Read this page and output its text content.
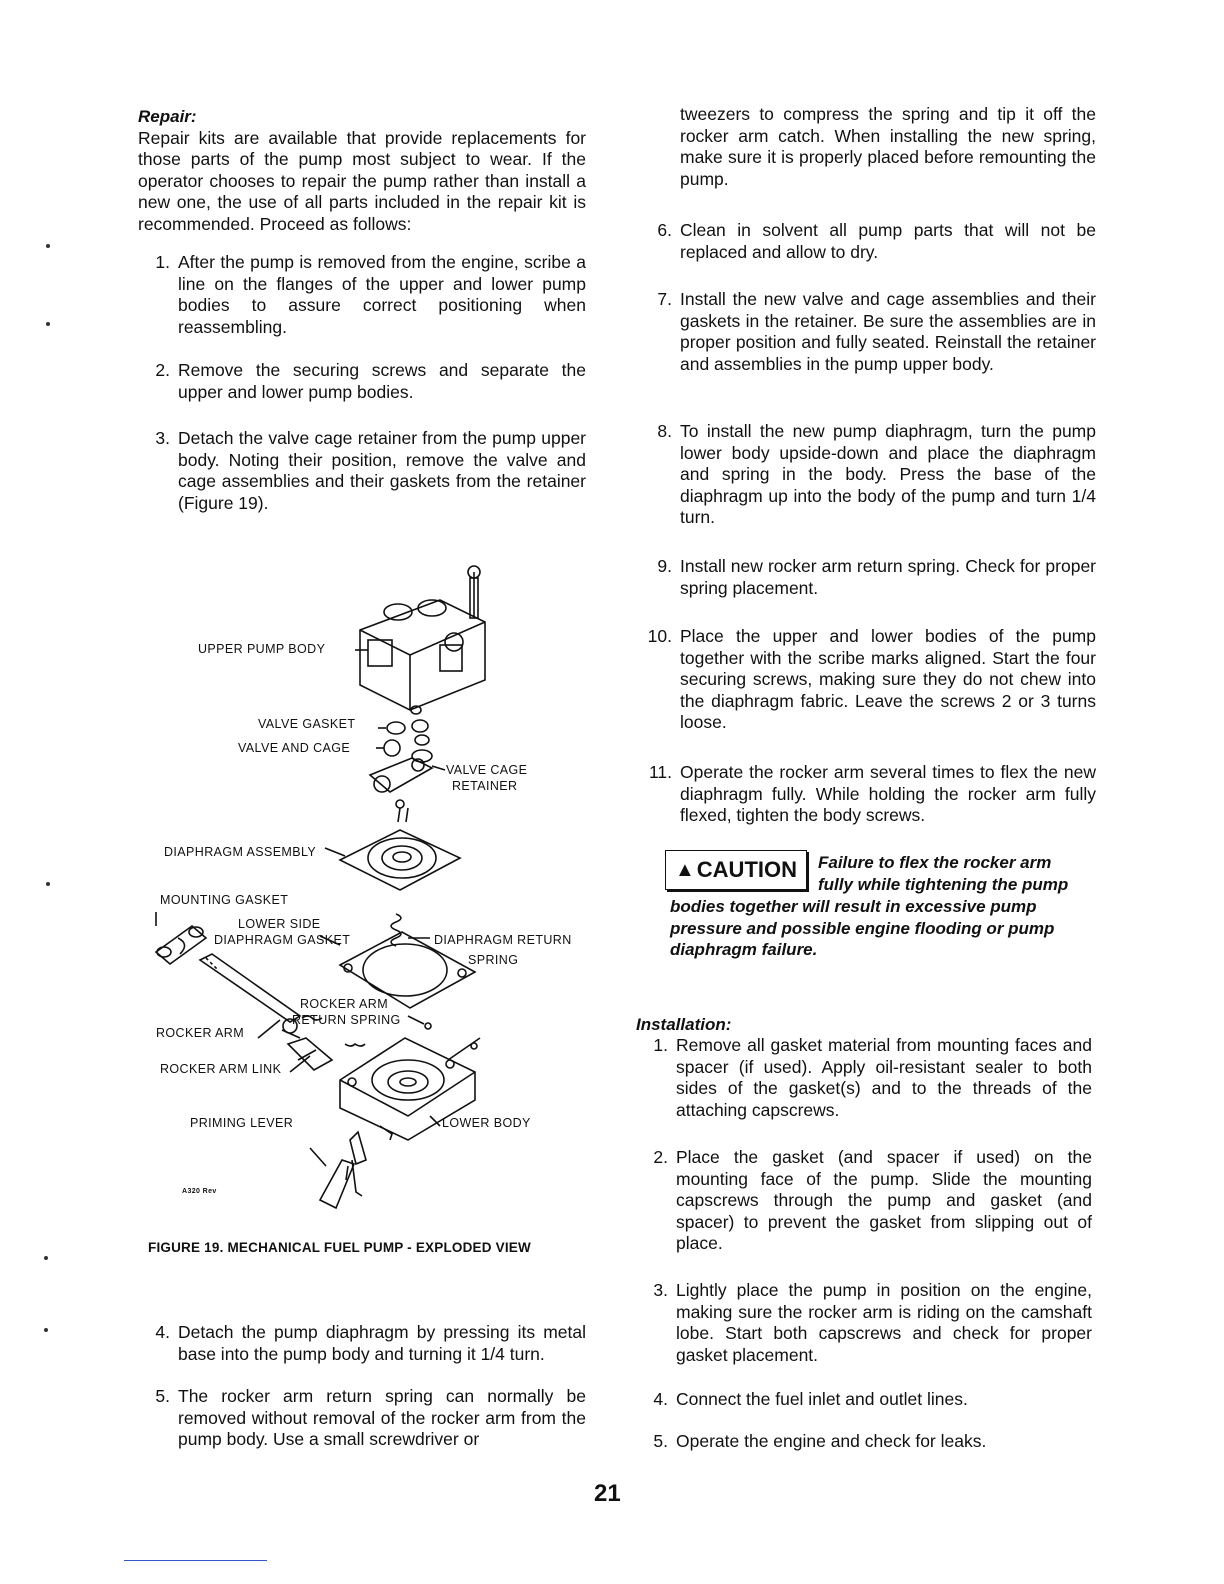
Repair:

Repair kits are available that provide replacements for those parts of the pump most subject to wear. If the operator chooses to repair the pump rather than install a new one, the use of all parts included in the repair kit is recommended. Proceed as follows:

1. After the pump is removed from the engine, scribe a line on the flanges of the upper and lower pump bodies to assure correct positioning when reassembling.
2. Remove the securing screws and separate the upper and lower pump bodies.
3. Detach the valve cage retainer from the pump upper body. Noting their position, remove the valve and cage assemblies and their gaskets from the retainer (Figure 19).
UPPER PUMP BODY
VALVE GASKET
VALVE AND CAGE
VALVE CAGE
RETAINER
DIAPHRAGM ASSEMBLY
MOUNTING GASKET
LOWER SIDE
DIAPHRAGM GASKET	DIAPHRAGM RETURN
SPRING
ROCKER ARM
RETURN SPRING
ROCKER ARM
ROCKER ARM LINK
PRIMING LEVER	LOWER BODY
A320 Rev
FIGURE 19. MECHANICAL FUEL PUMP - EXPLODED VIEW
4. Detach the pump diaphragm by pressing its metal base into the pump body and turning it 1/4 turn.
5. The rocker arm return spring can normally be removed without removal of the rocker arm from the pump body. Use a small screwdriver or
tweezers to compress the spring and tip it off the rocker arm catch. When installing the new spring, make sure it is properly placed before remounting the pump.
6. Clean in solvent all pump parts that will not be replaced and allow to dry.
7. Install the new valve and cage assemblies and their gaskets in the retainer. Be sure the assemblies are in proper position and fully seated. Reinstall the retainer and assemblies in the pump upper body.
8. To install the new pump diaphragm, turn the pump lower body upside-down and place the diaphragm and spring in the body. Press the base of the diaphragm up into the body of the pump and turn 1/4 turn.
9. Install new rocker arm return spring. Check for proper spring placement.
10. Place the upper and lower bodies of the pump together with the scribe marks aligned. Start the four securing screws, making sure they do not chew into the diaphragm fabric. Leave the screws 2 or 3 turns loose.
11. Operate the rocker arm several times to flex the new diaphragm fully. While holding the rocker arm fully flexed, tighten the body screws.
▲ CAUTION Failure to flex the rocker arm
fully while tightening the pump
bodies together will result in excessive pump pressure and possible engine flooding or pump diaphragm failure.
Installation:
1. Remove all gasket material from mounting faces and spacer (if used). Apply oil-resistant sealer to both sides of the gasket(s) and to the threads of the attaching capscrews.
2. Place the gasket (and spacer if used) on the mounting face of the pump. Slide the mounting capscrews through the pump and gasket (and spacer) to prevent the gasket from slipping out of place.
3. Lightly place the pump in position on the engine, making sure the rocker arm is riding on the camshaft lobe. Start both capscrews and check for proper gasket placement.
4. Connect the fuel inlet and outlet lines.
5. Operate the engine and check for leaks.
21
